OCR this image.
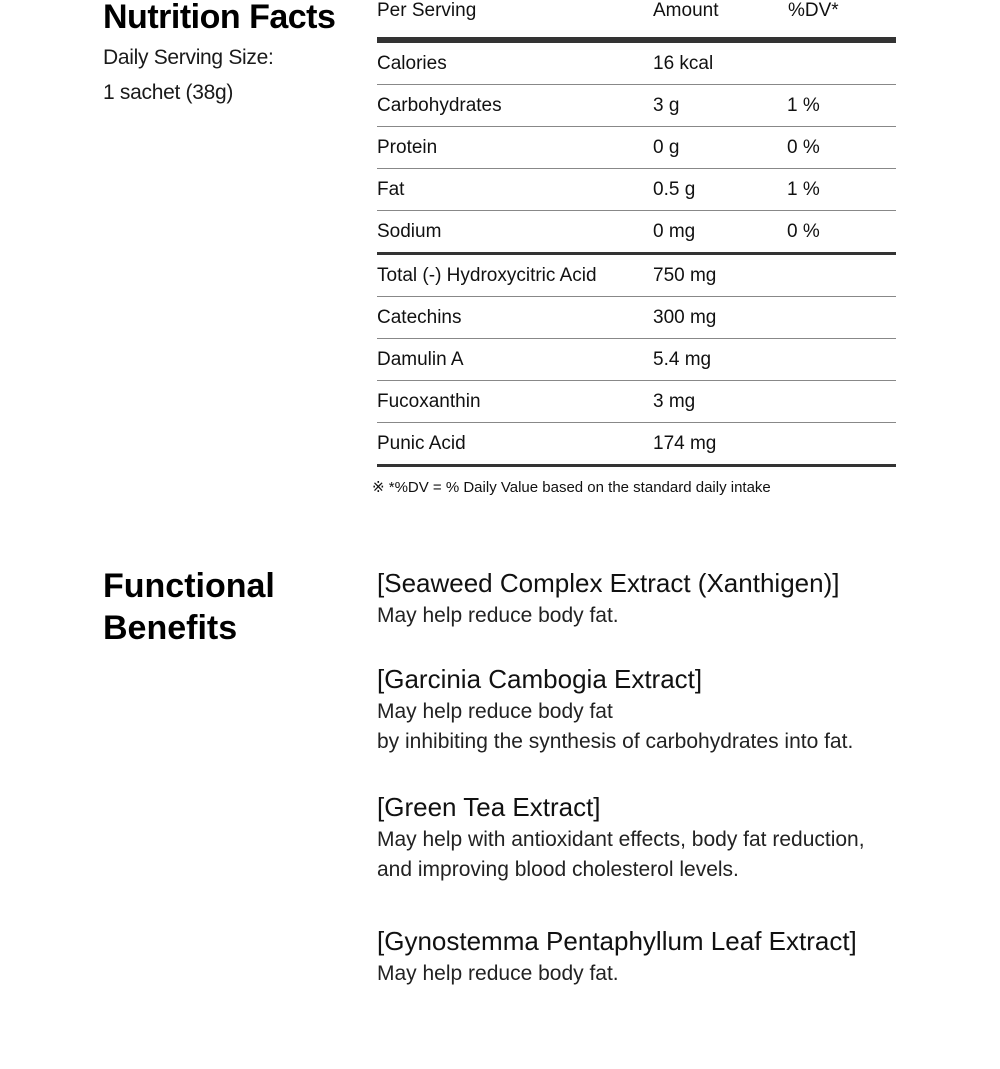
Nutrition Facts
Daily Serving Size:
1 sachet (38g)
Per Serving	Amount	%DV*
Calories	16 kcal
Carbohydrates	3 g	1 %
Protein	0 g	0 %
Fat	0.5 g	1 %
Sodium	0 mg	0 %
Total (-) Hydroxycitric Acid	750 mg
Catechins	300 mg
Damulin A	5.4 mg
Fucoxanthin	3 mg
Punic Acid	174 mg
※ *%DV = % Daily Value based on the standard daily intake
Functional Benefits
[Seaweed Complex Extract (Xanthigen)]

May help reduce body fat.

[Garcinia Cambogia Extract]

May help reduce body fat
by inhibiting the synthesis of carbohydrates into fat.

[Green Tea Extract]

May help with antioxidant effects, body fat reduction,
and improving blood cholesterol levels.

[Gynostemma Pentaphyllum Leaf Extract]

May help reduce body fat.
